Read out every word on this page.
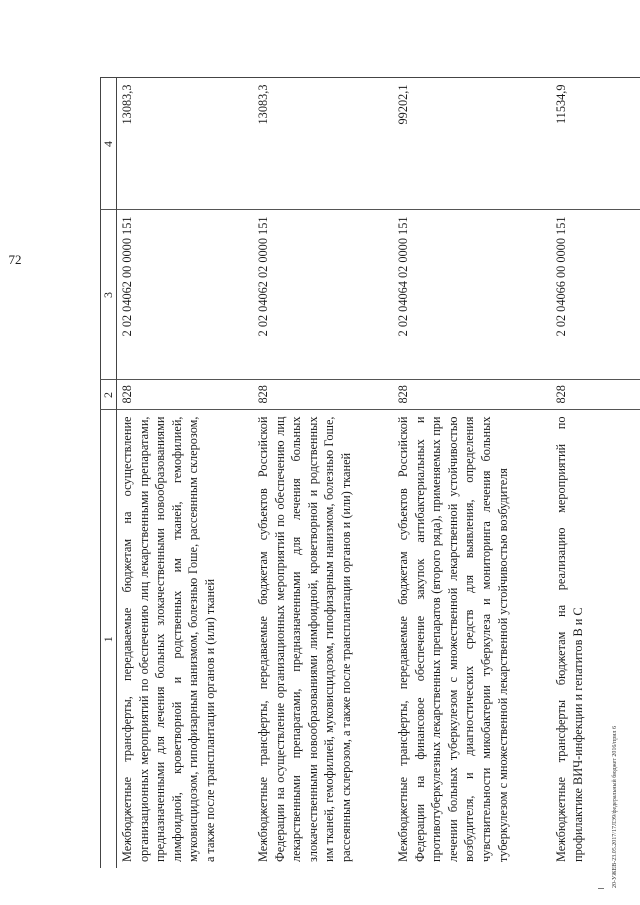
72
1	2	3	4
Межбюджетные трансферты, передаваемые бюджетам на осуществление организационных мероприятий по обеспечению лиц лекарственными препаратами, предназначенными для лечения больных злокачественными новообразованиями лимфоидной, кроветворной и родственных им тканей, гемофилией, муковисцидозом, гипофизарным нанизмом, болезнью Гоше, рассеянным склерозом, а также после трансплантации органов и (или) тканей	828	2 02 04062 00 0000 151	13083,3
Межбюджетные трансферты, передаваемые бюджетам субъектов Российской Федерации на осуществление организационных мероприятий по обеспечению лиц лекарственными препаратами, предназначенными для лечения больных злокачественными новообразованиями лимфоидной, кроветворной и родственных им тканей, гемофилией, муковисцидозом, гипофизарным нанизмом, болезнью Гоше, рассеянным склерозом, а также после трансплантации органов и (или) тканей	828	2 02 04062 02 0000 151	13083,3
Межбюджетные трансферты, передаваемые бюджетам субъектов Российской Федерации на финансовое обеспечение закупок антибактериальных и противотуберкулезных лекарственных препаратов (второго ряда), применяемых при лечении больных туберкулезом с множественной лекарственной устойчивостью возбудителя, и диагностических средств для выявления, определения чувствительности микобактерии туберкулеза и мониторинга лечения больных туберкулезом с множественной лекарственной устойчивостью возбудителя	828	2 02 04064 02 0000 151	99202,1
Межбюджетные трансферты бюджетам на реализацию мероприятий по профилактике ВИЧ-инфекции и гепатитов В и С	828	2 02 04066 00 0000 151	11534,9
20-УЖЕВ-23.05.2017/17ЛЭ9/федеральный бюджет 2016/прил 6
